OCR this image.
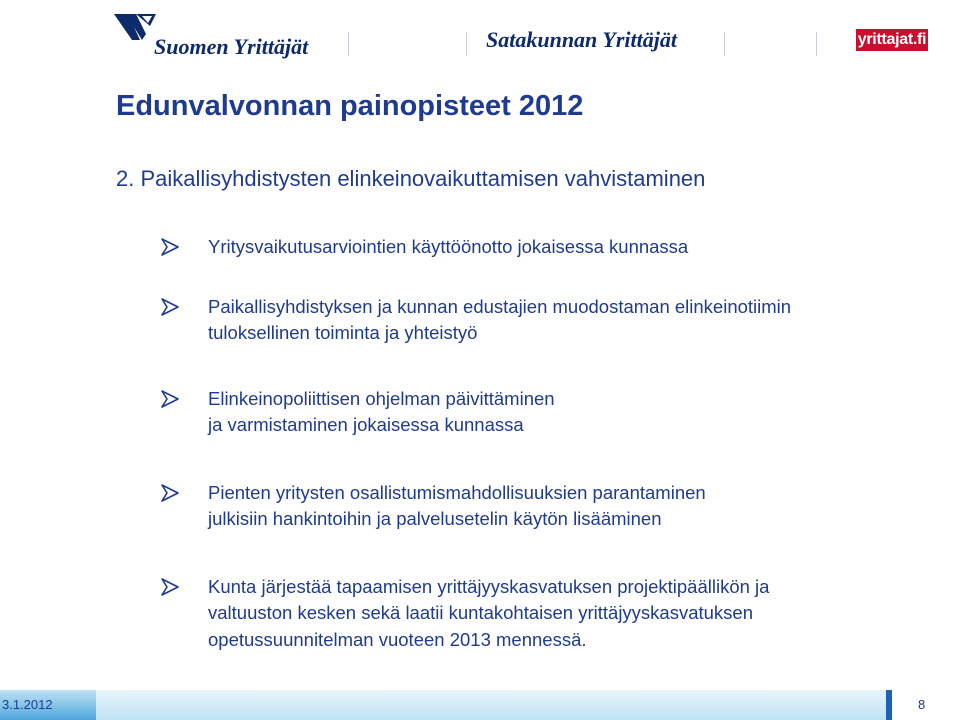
Suomen Yrittäjät	Satakunnan Yrittäjät	yrittajat.fi
Edunvalvonnan painopisteet 2012
2. Paikallisyhdistysten elinkeinovaikuttamisen vahvistaminen
Yritysvaikutusarviointien käyttöönotto jokaisessa kunnassa
Paikallisyhdistyksen ja kunnan edustajien muodostaman elinkeinotiimin
tuloksellinen toiminta ja yhteistyö
Elinkeinopoliittisen ohjelman päivittäminen
ja varmistaminen jokaisessa kunnassa
Pienten yritysten osallistumismahdollisuuksien parantaminen
julkisiin hankintoihin ja palvelusetelin käytön lisääminen
Kunta järjestää tapaamisen yrittäjyyskasvatuksen projektipäällikön ja
valtuuston kesken sekä laatii kuntakohtaisen yrittäjyyskasvatuksen
opetussuunnitelman vuoteen 2013 mennessä.
3.1.2012	8
